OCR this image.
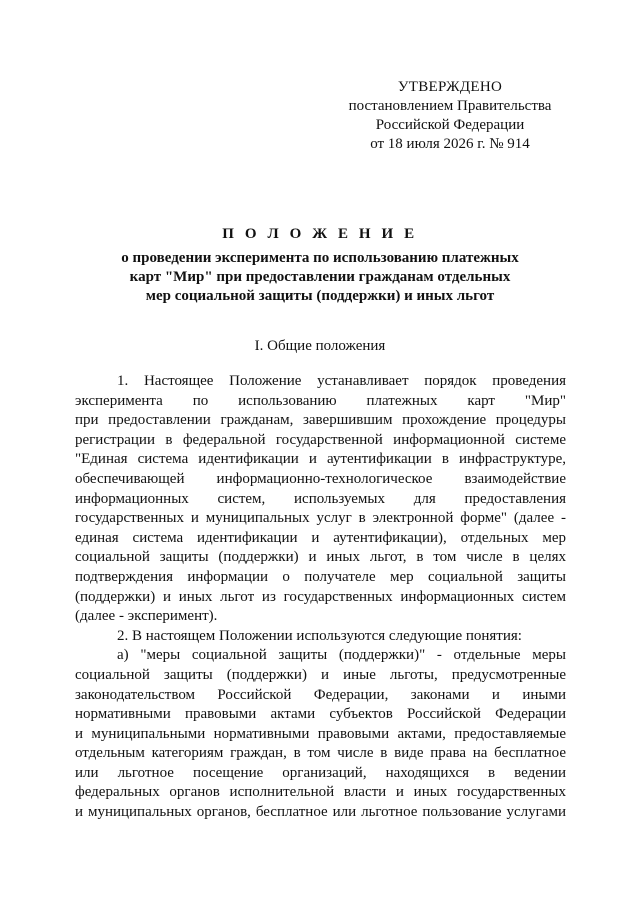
УТВЕРЖДЕНО
постановлением Правительства
Российской Федерации
от 18 июля 2026 г. № 914
П О Л О Ж Е Н И Е
о проведении эксперимента по использованию платежных
карт "Мир" при предоставлении гражданам отдельных
мер социальной защиты (поддержки) и иных льгот
I. Общие положения
1. Настоящее Положение устанавливает порядок проведения
эксперимента по использованию платежных карт "Мир"
при предоставлении гражданам, завершившим прохождение процедуры
регистрации в федеральной государственной информационной системе
"Единая система идентификации и аутентификации в инфраструктуре,
обеспечивающей информационно-технологическое взаимодействие
информационных систем, используемых для предоставления
государственных и муниципальных услуг в электронной форме" (далее -
единая система идентификации и аутентификации), отдельных мер
социальной защиты (поддержки) и иных льгот, в том числе в целях
подтверждения информации о получателе мер социальной защиты
(поддержки) и иных льгот из государственных информационных систем
(далее - эксперимент).
2. В настоящем Положении используются следующие понятия:
а) "меры социальной защиты (поддержки)" - отдельные меры
социальной защиты (поддержки) и иные льготы, предусмотренные
законодательством Российской Федерации, законами и иными
нормативными правовыми актами субъектов Российской Федерации
и муниципальными нормативными правовыми актами, предоставляемые
отдельным категориям граждан, в том числе в виде права на бесплатное
или льготное посещение организаций, находящихся в ведении
федеральных органов исполнительной власти и иных государственных
и муниципальных органов, бесплатное или льготное пользование услугами
